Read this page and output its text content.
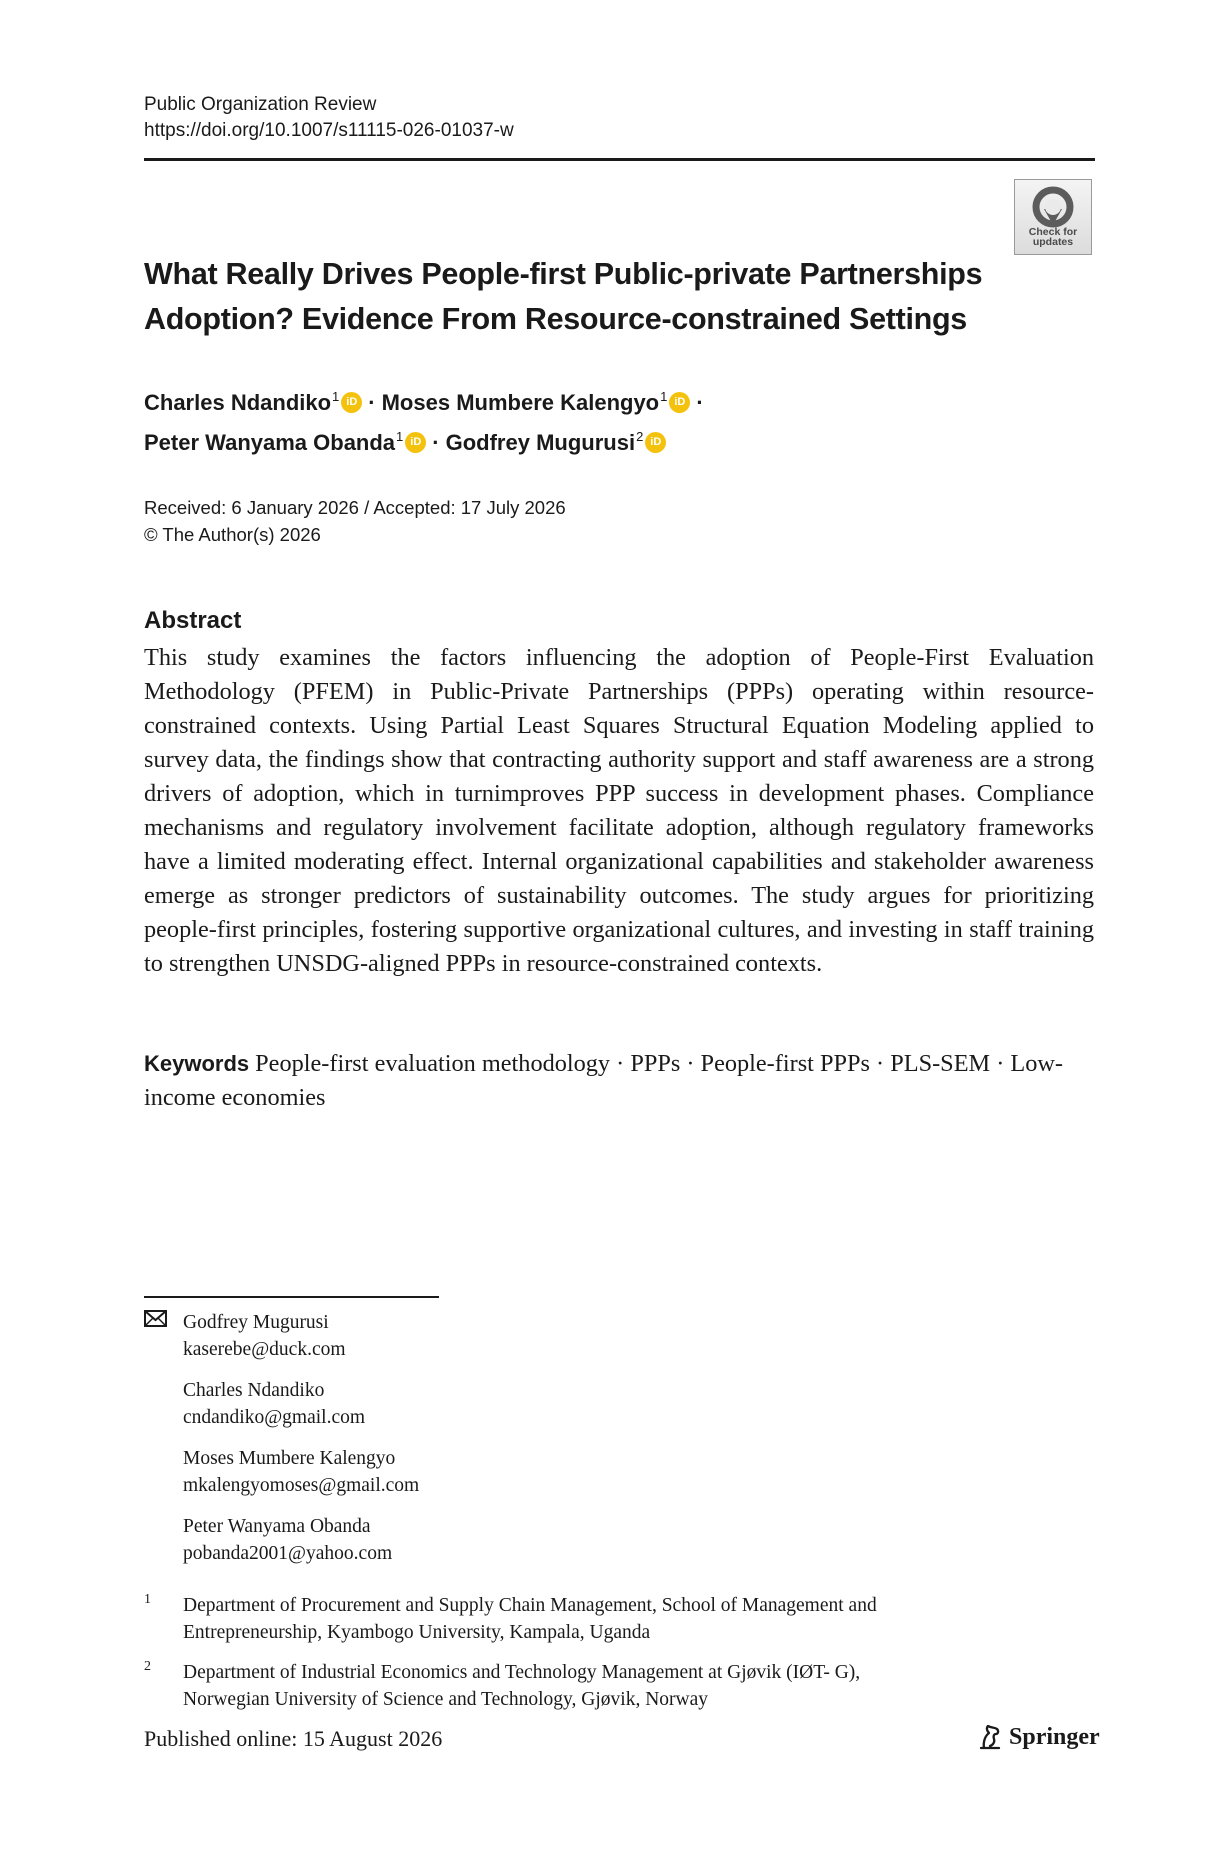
Public Organization Review
https://doi.org/10.1007/s11115-026-01037-w
Check for
updates
What Really Drives People-first Public-private Partnerships
Adoption? Evidence From Resource-constrained Settings
Charles Ndandiko$^1$ iD · Moses Mumbere Kalengyo$^1$ iD ·
Peter Wanyama Obanda$^1$ iD · Godfrey Mugurusi$^2$ iD
Received: 6 January 2026 / Accepted: 17 July 2026
© The Author(s) 2026
Abstract
This study examines the factors influencing the adoption of People-First Evaluation Methodology (PFEM) in Public-Private Partnerships (PPPs) operating within resource-constrained contexts. Using Partial Least Squares Structural Equation Modeling applied to survey data, the findings show that contracting authority support and staff awareness are a strong drivers of adoption, which in turnimproves PPP success in development phases. Compliance mechanisms and regulatory involvement facilitate adoption, although regulatory frameworks have a limited moderating effect. Internal organizational capabilities and stakeholder awareness emerge as stronger predictors of sustainability outcomes. The study argues for prioritizing people-first principles, fostering supportive organizational cultures, and investing in staff training to strengthen UNSDG-aligned PPPs in resource-constrained contexts.
Keywords People-first evaluation methodology · PPPs · People-first PPPs · PLS-SEM · Low-income economies
Godfrey Mugurusi
kaserebe@duck.com
Charles Ndandiko
cndandiko@gmail.com
Moses Mumbere Kalengyo
mkalengyomoses@gmail.com
Peter Wanyama Obanda
pobanda2001@yahoo.com
1 Department of Procurement and Supply Chain Management, School of Management and
Entrepreneurship, Kyambogo University, Kampala, Uganda
2 Department of Industrial Economics and Technology Management at Gjøvik (IØT- G),
Norwegian University of Science and Technology, Gjøvik, Norway
Published online: 15 August 2026	Springer
